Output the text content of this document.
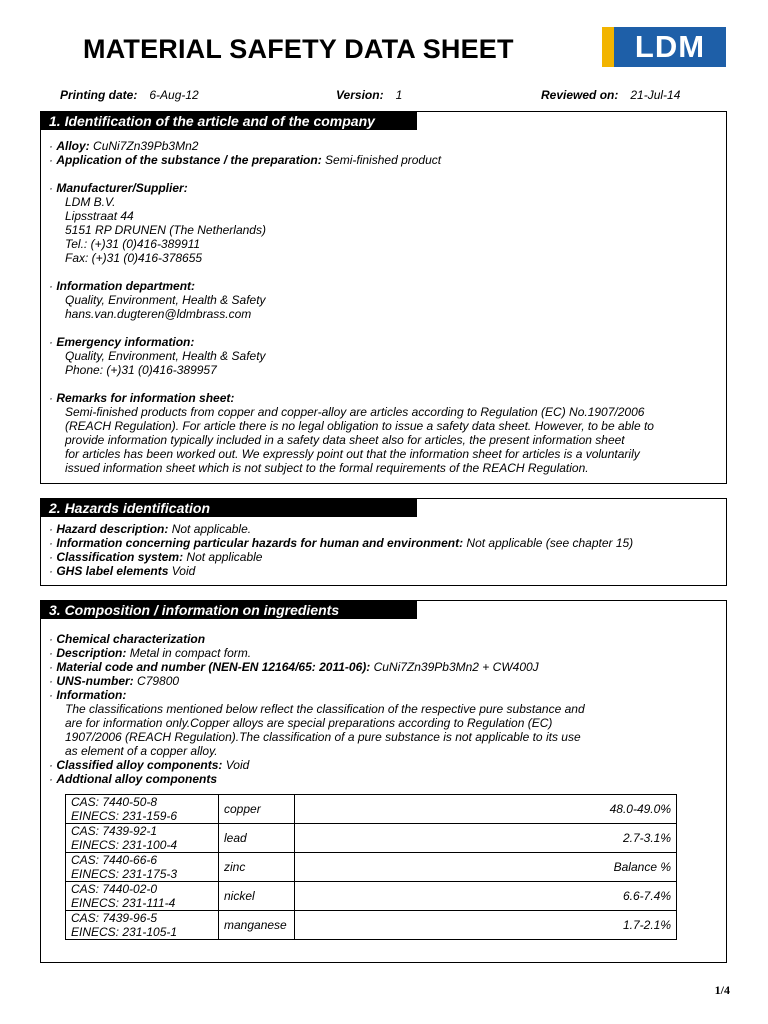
MATERIAL SAFETY DATA SHEET	LDM
Printing date: 6-Aug-12	Version: 1	Reviewed on: 21-Jul-14
1. Identification of the article and of the company
· Alloy: CuNi7Zn39Pb3Mn2
· Application of the substance / the preparation: Semi-finished product
· Manufacturer/Supplier:
LDM B.V.
Lipsstraat 44
5151 RP DRUNEN (The Netherlands)
Tel.: (+)31 (0)416-389911
Fax: (+)31 (0)416-378655
· Information department:
Quality, Environment, Health & Safety
hans.van.dugteren@ldmbrass.com
· Emergency information:
Quality, Environment, Health & Safety
Phone: (+)31 (0)416-389957
· Remarks for information sheet:
Semi-finished products from copper and copper-alloy are articles according to Regulation (EC) No.1907/2006
(REACH Regulation). For article there is no legal obligation to issue a safety data sheet. However, to be able to
provide information typically included in a safety data sheet also for articles, the present information sheet
for articles has been worked out. We expressly point out that the information sheet for articles is a voluntarily
issued information sheet which is not subject to the formal requirements of the REACH Regulation.
2. Hazards identification
· Hazard description: Not applicable.
· Information concerning particular hazards for human and environment: Not applicable (see chapter 15)
· Classification system: Not applicable
· GHS label elements Void
3. Composition / information on ingredients
· Chemical characterization
· Description: Metal in compact form.
· Material code and number (NEN-EN 12164/65: 2011-06): CuNi7Zn39Pb3Mn2 + CW400J
· UNS-number: C79800
· Information:
The classifications mentioned below reflect the classification of the respective pure substance and
are for information only.Copper alloys are special preparations according to Regulation (EC)
1907/2006 (REACH Regulation).The classification of a pure substance is not applicable to its use
as element of a copper alloy.
· Classified alloy components: Void
· Addtional alloy components
CAS: 7440-50-8
EINECS: 231-159-6	copper	48.0-49.0%

CAS: 7439-92-1
EINECS: 231-100-4	lead	2.7-3.1%

CAS: 7440-66-6
EINECS: 231-175-3	zinc	Balance %

CAS: 7440-02-0
EINECS: 231-111-4	nickel	6.6-7.4%

CAS: 7439-96-5
EINECS: 231-105-1	manganese	1.7-2.1%
1/4
